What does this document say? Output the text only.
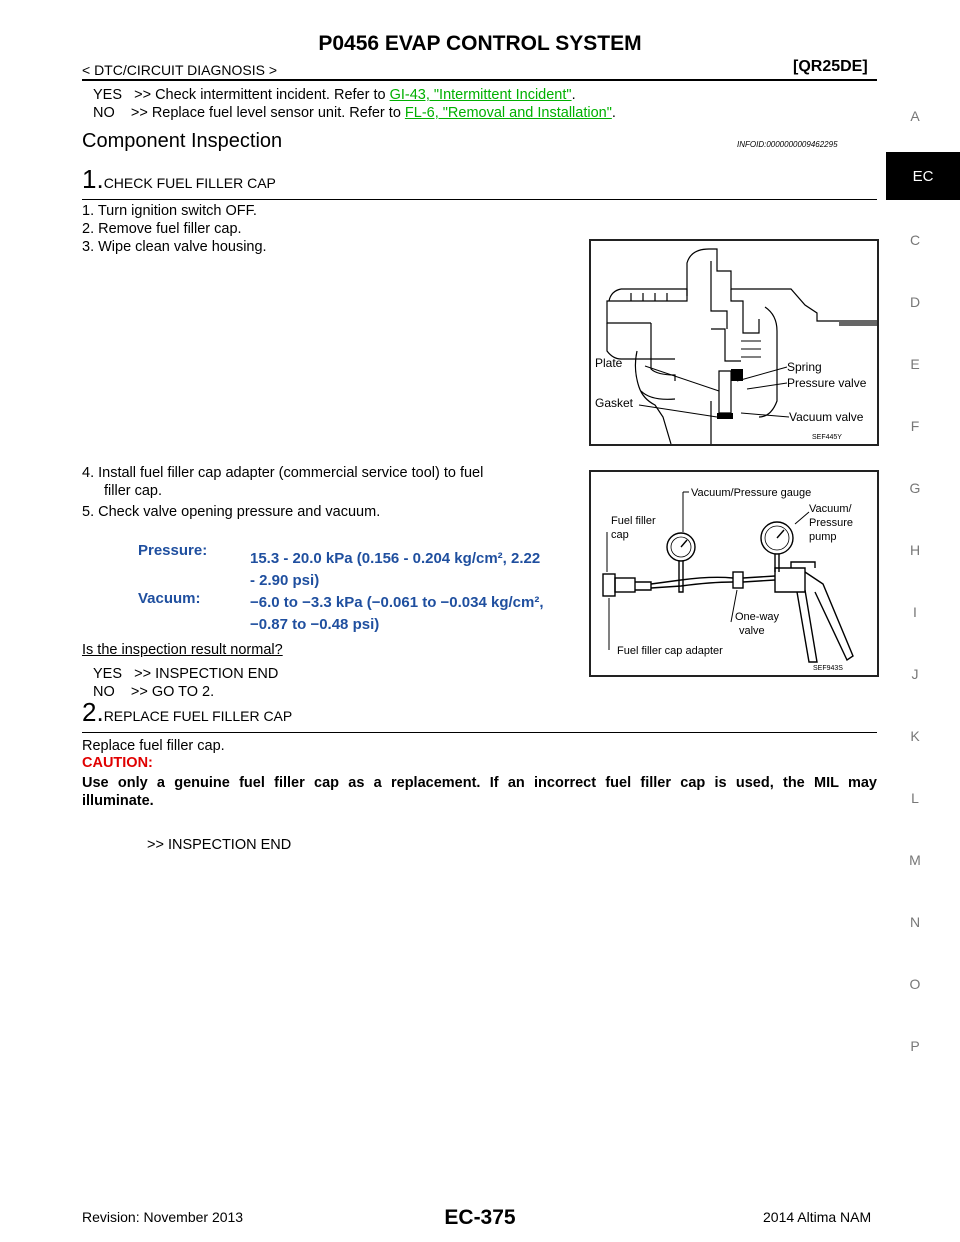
P0456 EVAP CONTROL SYSTEM
< DTC/CIRCUIT DIAGNOSIS >	[QR25DE]
A
EC
C
D
E
F
G
H
I
J
K
L
M
N
O
P
YES   >> Check intermittent incident. Refer to GI-43, "Intermittent Incident".
NO    >> Replace fuel level sensor unit. Refer to FL-6, "Removal and Installation".
Component Inspection	INFOID:0000000009462295
1.CHECK FUEL FILLER CAP
1. Turn ignition switch OFF.
2. Remove fuel filler cap.
3. Wipe clean valve housing.
Plate
Gasket
Spring
Pressure valve
Vacuum valve
SEF445Y
4. Install fuel filler cap adapter (commercial service tool) to fuel
filler cap.
5. Check valve opening pressure and vacuum.
Pressure:	15.3 - 20.0 kPa (0.156 - 0.204 kg/cm², 2.22
- 2.90 psi)
Vacuum:	−6.0 to −3.3 kPa (−0.061 to −0.034 kg/cm²,
−0.87 to −0.48 psi)
Is the inspection result normal?
YES   >> INSPECTION END
NO    >> GO TO 2.
Vacuum/Pressure gauge
Fuel filler
cap
Vacuum/
Pressure
pump
One-way
valve
Fuel filler cap adapter
SEF943S
2.REPLACE FUEL FILLER CAP
Replace fuel filler cap.
CAUTION:
Use only a genuine fuel filler cap as a replacement. If an incorrect fuel filler cap is used, the MIL may
illuminate.
>> INSPECTION END
EC-375
Revision: November 2013	2014 Altima NAM
